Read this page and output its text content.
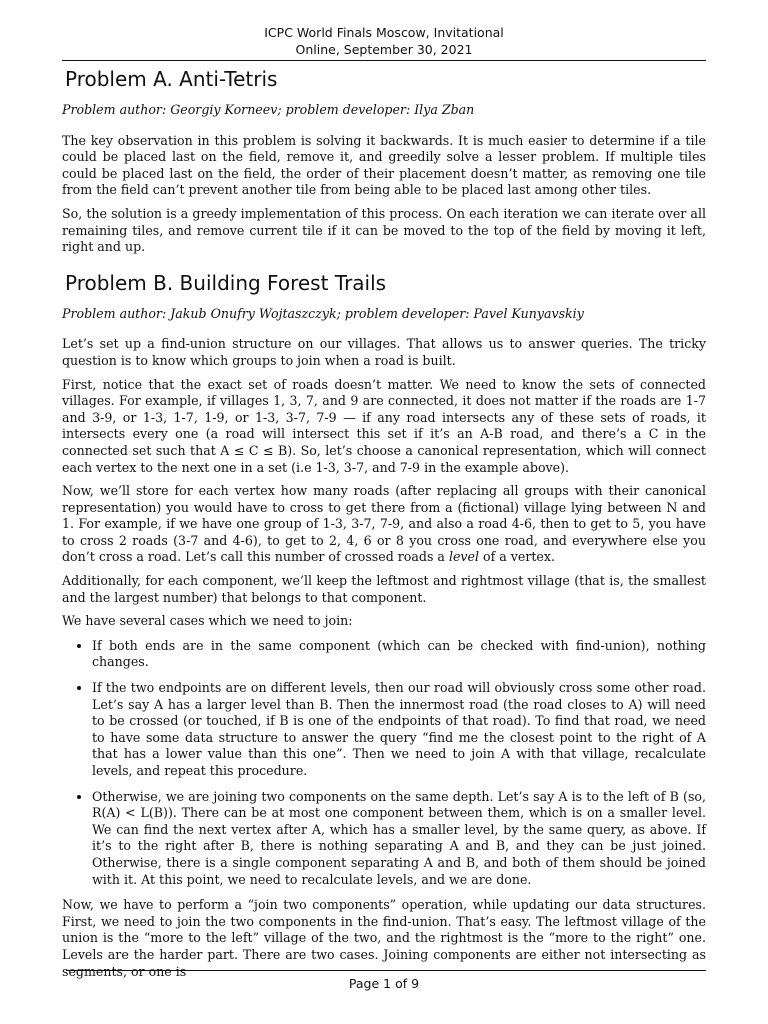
ICPC World Finals Moscow, Invitational
Online, September 30, 2021
Problem A. Anti-Tetris

Problem author: Georgiy Korneev; problem developer: Ilya Zban

The key observation in this problem is solving it backwards. It is much easier to determine if a tile could be placed last on the field, remove it, and greedily solve a lesser problem. If multiple tiles could be placed last on the field, the order of their placement doesn’t matter, as removing one tile from the field can’t prevent another tile from being able to be placed last among other tiles.

So, the solution is a greedy implementation of this process. On each iteration we can iterate over all remaining tiles, and remove current tile if it can be moved to the top of the field by moving it left, right and up.

Problem B. Building Forest Trails

Problem author: Jakub Onufry Wojtaszczyk; problem developer: Pavel Kunyavskiy

Let’s set up a find-union structure on our villages. That allows us to answer queries. The tricky question is to know which groups to join when a road is built.

First, notice that the exact set of roads doesn’t matter. We need to know the sets of connected villages. For example, if villages 1, 3, 7, and 9 are connected, it does not matter if the roads are 1-7 and 3-9, or 1-3, 1-7, 1-9, or 1-3, 3-7, 7-9 — if any road intersects any of these sets of roads, it intersects every one (a road will intersect this set if it’s an A-B road, and there’s a C in the connected set such that A ≤ C ≤ B). So, let’s choose a canonical representation, which will connect each vertex to the next one in a set (i.e 1-3, 3-7, and 7-9 in the example above).

Now, we’ll store for each vertex how many roads (after replacing all groups with their canonical representation) you would have to cross to get there from a (fictional) village lying between N and 1. For example, if we have one group of 1-3, 3-7, 7-9, and also a road 4-6, then to get to 5, you have to cross 2 roads (3-7 and 4-6), to get to 2, 4, 6 or 8 you cross one road, and everywhere else you don’t cross a road. Let’s call this number of crossed roads a level of a vertex.

Additionally, for each component, we’ll keep the leftmost and rightmost village (that is, the smallest and the largest number) that belongs to that component.

We have several cases which we need to join:

• If both ends are in the same component (which can be checked with find-union), nothing changes.
• If the two endpoints are on different levels, then our road will obviously cross some other road. Let’s say A has a larger level than B. Then the innermost road (the road closes to A) will need to be crossed (or touched, if B is one of the endpoints of that road). To find that road, we need to have some data structure to answer the query “find me the closest point to the right of A that has a lower value than this one”. Then we need to join A with that village, recalculate levels, and repeat this procedure.
• Otherwise, we are joining two components on the same depth. Let’s say A is to the left of B (so, R(A) < L(B)). There can be at most one component between them, which is on a smaller level. We can find the next vertex after A, which has a smaller level, by the same query, as above. If it’s to the right after B, there is nothing separating A and B, and they can be just joined. Otherwise, there is a single component separating A and B, and both of them should be joined with it. At this point, we need to recalculate levels, and we are done.

Now, we have to perform a “join two components” operation, while updating our data structures. First, we need to join the two components in the find-union. That’s easy. The leftmost village of the union is the “more to the left” village of the two, and the rightmost is the “more to the right” one. Levels are the harder part. There are two cases. Joining components are either not intersecting as segments, or one is

Page 1 of 9
